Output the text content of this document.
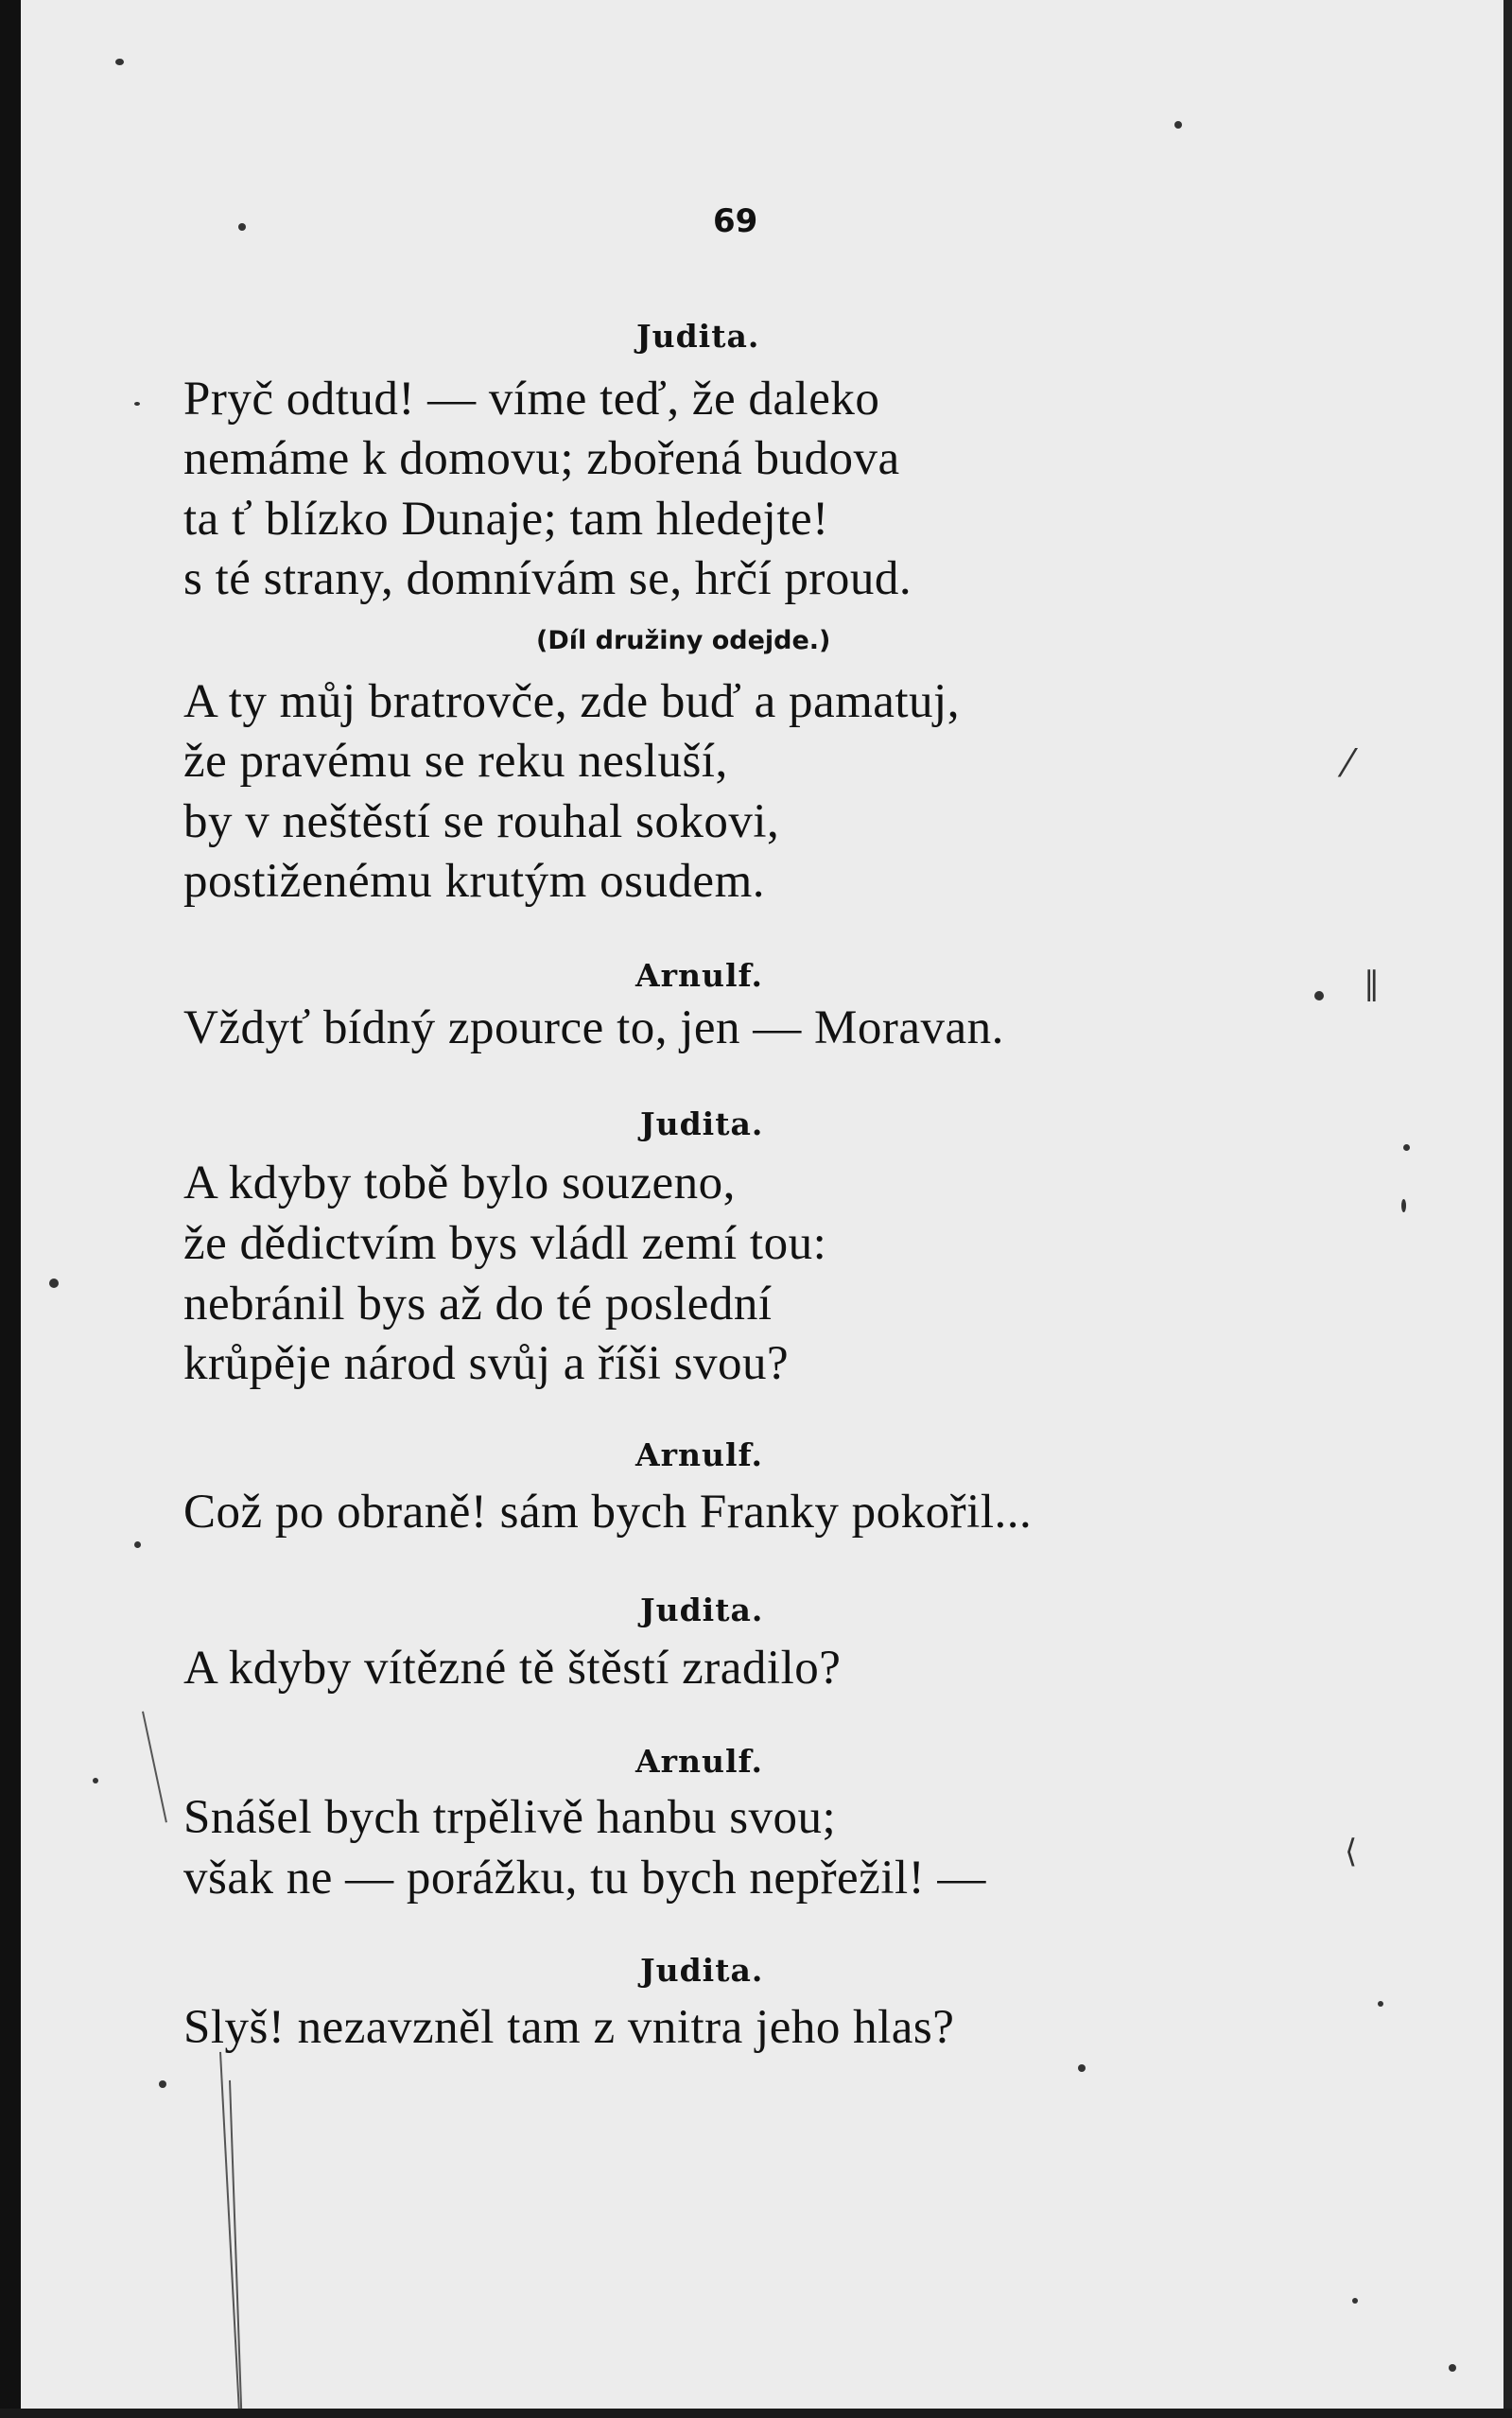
69
Judita.
Pryč odtud! — víme teď, že daleko
nemáme k domovu; zbořená budova
ta ť blízko Dunaje; tam hledejte!
s té strany, domnívám se, hrčí proud.
(Díl družiny odejde.)
A ty můj bratrovče, zde buď a pamatuj,
že pravému se reku nesluší,
by v neštěstí se rouhal sokovi,
postiženému krutým osudem.
Arnulf.
Vždyť bídný zpource to, jen — Moravan.
Judita.
A kdyby tobě bylo souzeno,
že dědictvím bys vládl zemí tou:
nebránil bys až do té poslední
krůpěje národ svůj a říši svou?
Arnulf.
Což po obraně! sám bych Franky pokořil...
Judita.
A kdyby vítězné tě štěstí zradilo?
Arnulf.
Snášel bych trpělivě hanbu svou;
však ne — porážku, tu bych nepřežil! —
Judita.
Slyš! nezavzněl tam z vnitra jeho hlas?
⁄
‖
⟨
